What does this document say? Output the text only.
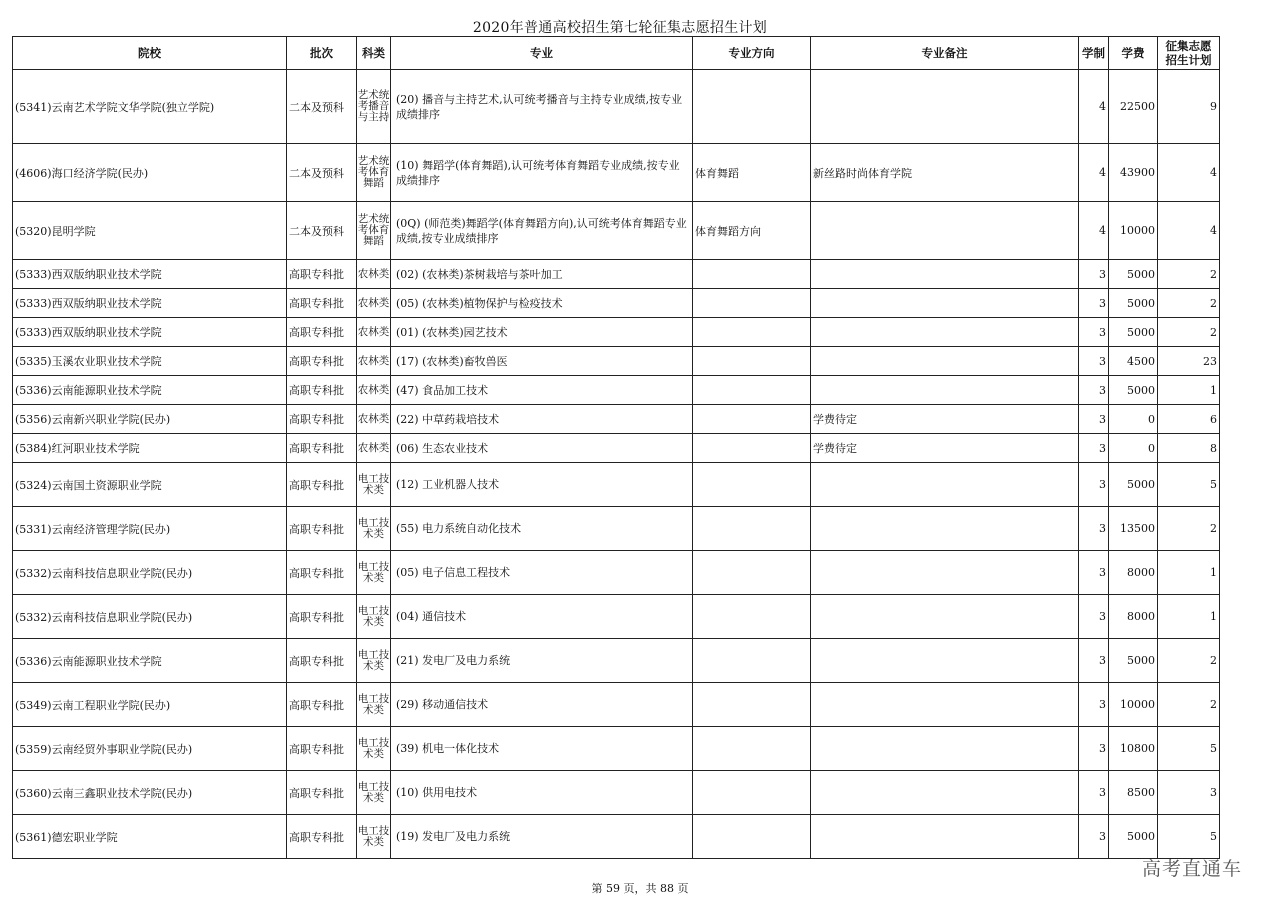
2020年普通高校招生第七轮征集志愿招生计划
院校	批次	科类	专业	专业方向	专业备注	学制	学费	征集志愿招生计划
(5341)云南艺术学院文华学院(独立学院)	二本及预科	艺术统考播音与主持	(20) 播音与主持艺术,认可统考播音与主持专业成绩,按专业成绩排序			4	22500	9
(4606)海口经济学院(民办)	二本及预科	艺术统考体育舞蹈	(10) 舞蹈学(体育舞蹈),认可统考体育舞蹈专业成绩,按专业成绩排序	体育舞蹈	新丝路时尚体育学院	4	43900	4
(5320)昆明学院	二本及预科	艺术统考体育舞蹈	(0Q) (师范类)舞蹈学(体育舞蹈方向),认可统考体育舞蹈专业成绩,按专业成绩排序	体育舞蹈方向		4	10000	4
(5333)西双版纳职业技术学院	高职专科批	农林类	(02) (农林类)茶树栽培与茶叶加工			3	5000	2
(5333)西双版纳职业技术学院	高职专科批	农林类	(05) (农林类)植物保护与检疫技术			3	5000	2
(5333)西双版纳职业技术学院	高职专科批	农林类	(01) (农林类)园艺技术			3	5000	2
(5335)玉溪农业职业技术学院	高职专科批	农林类	(17) (农林类)畜牧兽医			3	4500	23
(5336)云南能源职业技术学院	高职专科批	农林类	(47) 食品加工技术			3	5000	1
(5356)云南新兴职业学院(民办)	高职专科批	农林类	(22) 中草药栽培技术		学费待定	3	0	6
(5384)红河职业技术学院	高职专科批	农林类	(06) 生态农业技术		学费待定	3	0	8
(5324)云南国土资源职业学院	高职专科批	电工技术类	(12) 工业机器人技术			3	5000	5
(5331)云南经济管理学院(民办)	高职专科批	电工技术类	(55) 电力系统自动化技术			3	13500	2
(5332)云南科技信息职业学院(民办)	高职专科批	电工技术类	(05) 电子信息工程技术			3	8000	1
(5332)云南科技信息职业学院(民办)	高职专科批	电工技术类	(04) 通信技术			3	8000	1
(5336)云南能源职业技术学院	高职专科批	电工技术类	(21) 发电厂及电力系统			3	5000	2
(5349)云南工程职业学院(民办)	高职专科批	电工技术类	(29) 移动通信技术			3	10000	2
(5359)云南经贸外事职业学院(民办)	高职专科批	电工技术类	(39) 机电一体化技术			3	10800	5
(5360)云南三鑫职业技术学院(民办)	高职专科批	电工技术类	(10) 供用电技术			3	8500	3
(5361)德宏职业学院	高职专科批	电工技术类	(19) 发电厂及电力系统			3	5000	5
第 59 页，共 88 页
高考直通车
